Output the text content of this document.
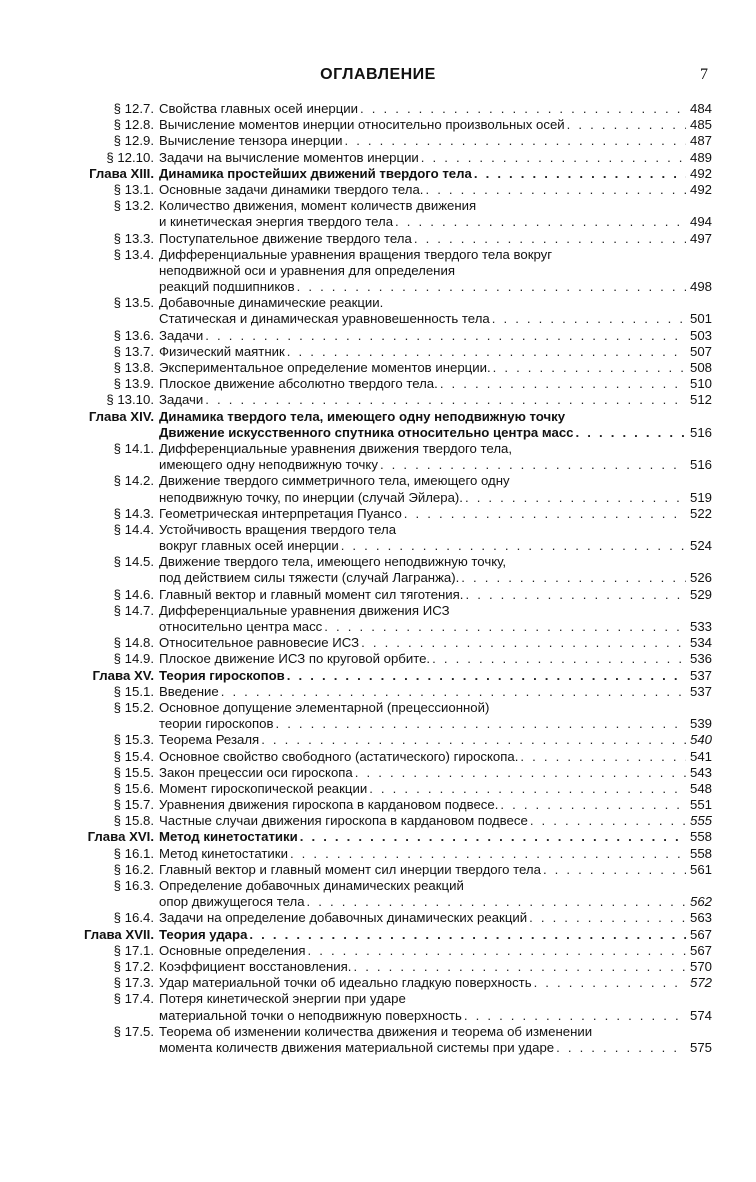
ОГЛАВЛЕНИЕ	7
§ 12.7. Свойства главных осей инерции . . .	484
§ 12.8. Вычисление моментов инерции относительно произвольных осей . . .	485
§ 12.9. Вычисление тензора инерции . . .	487
§ 12.10. Задачи на вычисление моментов инерции . . .	489
Глава XIII. Динамика простейших движений твердого тела . . .	492
§ 13.1. Основные задачи динамики твердого тела. . . .	492
§ 13.2. Количество движения, момент количеств движения
и кинетическая энергия твердого тела . . .	494
§ 13.3. Поступательное движение твердого тела . . .	497
§ 13.4. Дифференциальные уравнения вращения твердого тела вокруг
неподвижной оси и уравнения для определения
реакций подшипников . . .	498
§ 13.5. Добавочные динамические реакции.
Статическая и динамическая уравновешенность тела . . .	501
§ 13.6. Задачи . . .	503
§ 13.7. Физический маятник . . .	507
§ 13.8. Экспериментальное определение моментов инерции. . . .	508
§ 13.9. Плоское движение абсолютно твердого тела. . . .	510
§ 13.10. Задачи . . .	512
Глава XIV. Динамика твердого тела, имеющего одну неподвижную точку
Движение искусственного спутника относительно центра масс . . .	516
§ 14.1. Дифференциальные уравнения движения твердого тела,
имеющего одну неподвижную точку . . .	516
§ 14.2. Движение твердого симметричного тела, имеющего одну
неподвижную точку, по инерции (случай Эйлера). . . .	519
§ 14.3. Геометрическая интерпретация Пуансо . . .	522
§ 14.4. Устойчивость вращения твердого тела
вокруг главных осей инерции . . .	524
§ 14.5. Движение твердого тела, имеющего неподвижную точку,
под действием силы тяжести (случай Лагранжа). . . .	526
§ 14.6. Главный вектор и главный момент сил тяготения. . . .	529
§ 14.7. Дифференциальные уравнения движения ИСЗ
относительно центра масс . . .	533
§ 14.8. Относительное равновесие ИСЗ . . .	534
§ 14.9. Плоское движение ИСЗ по круговой орбите. . . .	536
Глава XV. Теория гироскопов . . .	537
§ 15.1. Введение . . .	537
§ 15.2. Основное допущение элементарной (прецессионной)
теории гироскопов . . .	539
§ 15.3. Теорема Резаля . . .	540
§ 15.4. Основное свойство свободного (астатического) гироскопа. . . .	541
§ 15.5. Закон прецессии оси гироскопа . . .	543
§ 15.6. Момент гироскопической реакции . . .	548
§ 15.7. Уравнения движения гироскопа в кардановом подвесе. . . .	551
§ 15.8. Частные случаи движения гироскопа в кардановом подвесе . . .	555
Глава XVI. Метод кинетостатики . . .	558
§ 16.1. Метод кинетостатики . . .	558
§ 16.2. Главный вектор и главный момент сил инерции твердого тела . . .	561
§ 16.3. Определение добавочных динамических реакций
опор движущегося тела . . .	562
§ 16.4. Задачи на определение добавочных динамических реакций . . .	563
Глава XVII. Теория удара . . .	567
§ 17.1. Основные определения . . .	567
§ 17.2. Коэффициент восстановления. . . .	570
§ 17.3. Удар материальной точки об идеально гладкую поверхность . . .	572
§ 17.4. Потеря кинетической энергии при ударе
материальной точки о неподвижную поверхность . . .	574
§ 17.5. Теорема об изменении количества движения и теорема об изменении
момента количеств движения материальной системы при ударе . . .	575
